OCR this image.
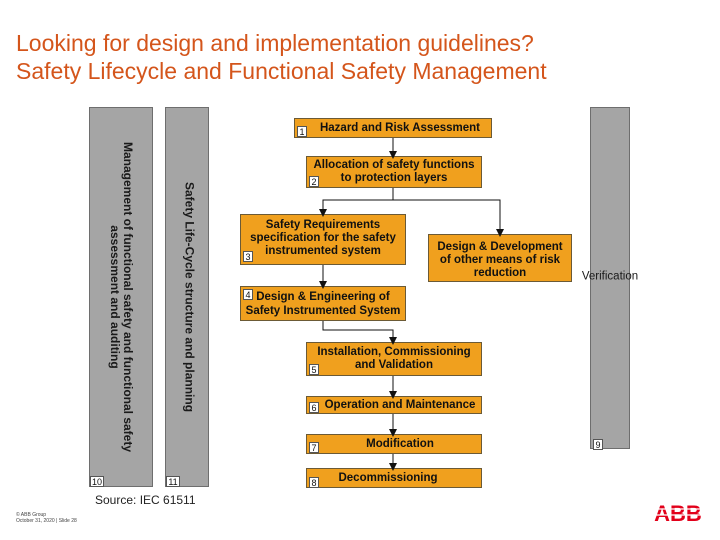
Looking for design and implementation guidelines?
Safety Lifecycle and Functional Safety Management
Management of functional safety and functional safety
assessment and auditing
10
Safety Life-Cycle structure and planning
11
Verification
9
Hazard and Risk Assessment
1
Allocation of safety functions
to protection layers
2
Safety Requirements
specification for the safety
instrumented system
3
Design & Development
of other means of risk
reduction
Design & Engineering of
Safety Instrumented System
4
Installation, Commissioning
and Validation
5
Operation and Maintenance
6
Modification
7
Decommissioning
8
Source: IEC 61511
© ABB Group
October 31, 2020 | Slide 28	ABB
